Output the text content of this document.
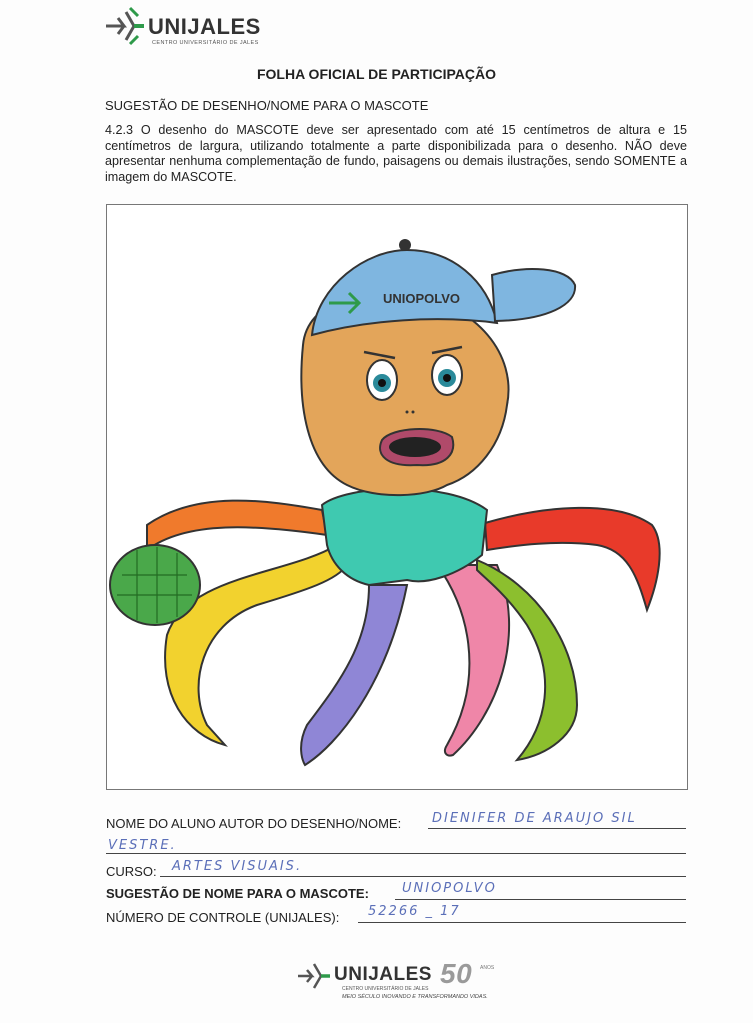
UNIJALES
CENTRO UNIVERSITÁRIO DE JALES
FOLHA OFICIAL DE PARTICIPAÇÃO
SUGESTÃO DE DESENHO/NOME PARA O MASCOTE
4.2.3 O desenho do MASCOTE deve ser apresentado com até 15 centímetros de altura e 15 centímetros de largura, utilizando totalmente a parte disponibilizada para o desenho. NÃO deve apresentar nenhuma complementação de fundo, paisagens ou demais ilustrações, sendo SOMENTE a imagem do MASCOTE.
UNIOPOLVO
NOME DO ALUNO AUTOR DO DESENHO/NOME: DIENIFER DE ARAUJO SIL
VESTRE.
CURSO: ARTES VISUAIS.
SUGESTÃO DE NOME PARA O MASCOTE:	UNIOPOLVO
NÚMERO DE CONTROLE (UNIJALES): 52266 _ 17
UNIJALES 50 ANOS
CENTRO UNIVERSITÁRIO DE JALES
MEIO SÉCULO INOVANDO E TRANSFORMANDO VIDAS.
